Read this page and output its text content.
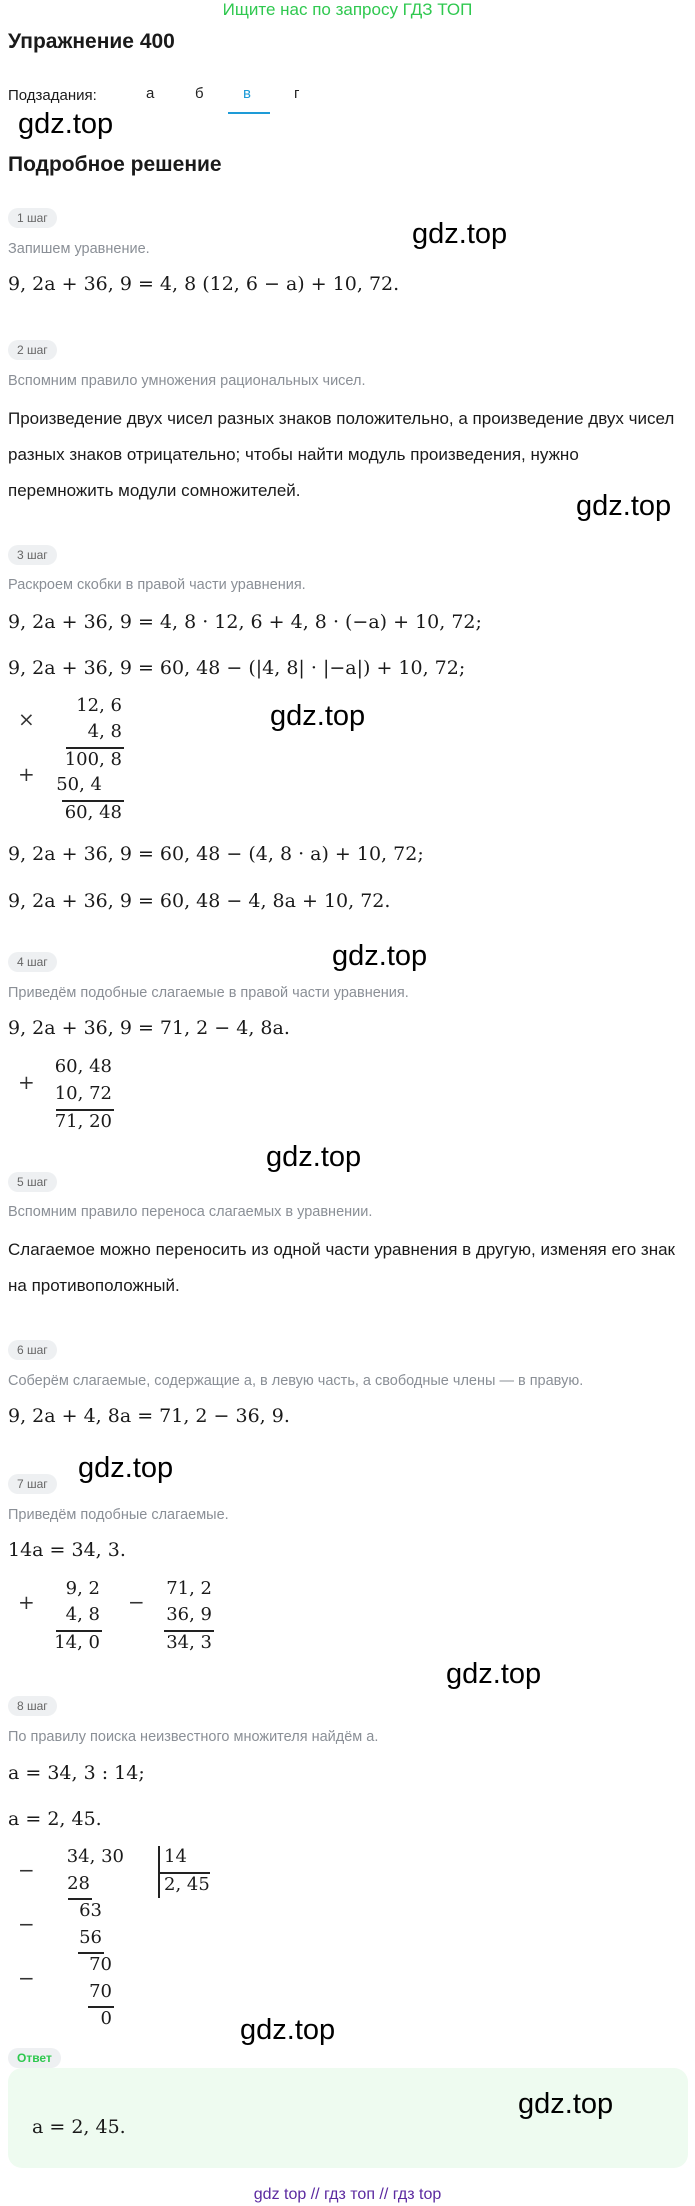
Ищите нас по запросу ГДЗ ТОП
Упражнение 400
Подзадания:	а	б	в	г
gdz.top
Подробное решение
1 шаг	gdz.top
Запишем уравнение.
9, 2a + 36, 9 = 4, 8 (12, 6 − a) + 10, 72.
2 шаг
Вспомним правило умножения рациональных чисел.
Произведение двух чисел разных знаков положительно, а произведение двух чисел разных знаков отрицательно; чтобы найти модуль произведения, нужно перемножить модули сомножителей.	gdz.top
3 шаг
Раскроем скобки в правой части уравнения.
9, 2a + 36, 9 = 4, 8 · 12, 6 + 4, 8 · (−a) + 10, 72;
9, 2a + 36, 9 = 60, 48 − (|4, 8| · |−a|) + 10, 72;
×
12, 6
4, 8
100, 8
+	50, 4
60, 48
gdz.top
9, 2a + 36, 9 = 60, 48 − (4, 8 · a) + 10, 72;
9, 2a + 36, 9 = 60, 48 − 4, 8a + 10, 72.
gdz.top
4 шаг
Приведём подобные слагаемые в правой части уравнения.
9, 2a + 36, 9 = 71, 2 − 4, 8a.
+
60, 48
10, 72
71, 20
gdz.top
5 шаг
Вспомним правило переноса слагаемых в уравнении.
Слагаемое можно переносить из одной части уравнения в другую, изменяя его знак на противоположный.
6 шаг
Соберём слагаемые, содержащие a, в левую часть, а свободные члены — в правую.
9, 2a + 4, 8a = 71, 2 − 36, 9.
7 шаг	gdz.top
Приведём подобные слагаемые.
14a = 34, 3.
+
9, 2
4, 8
14, 0
−
71, 2
36, 9
34, 3
gdz.top
8 шаг
По правилу поиска неизвестного множителя найдём a.
a = 34, 3 : 14;
a = 2, 45.
−
34, 30 14
2, 45
28
63
−
56
70
−
70
0	gdz.top
Ответ
a = 2, 45.
gdz.top
gdz top // гдз топ // гдз top
